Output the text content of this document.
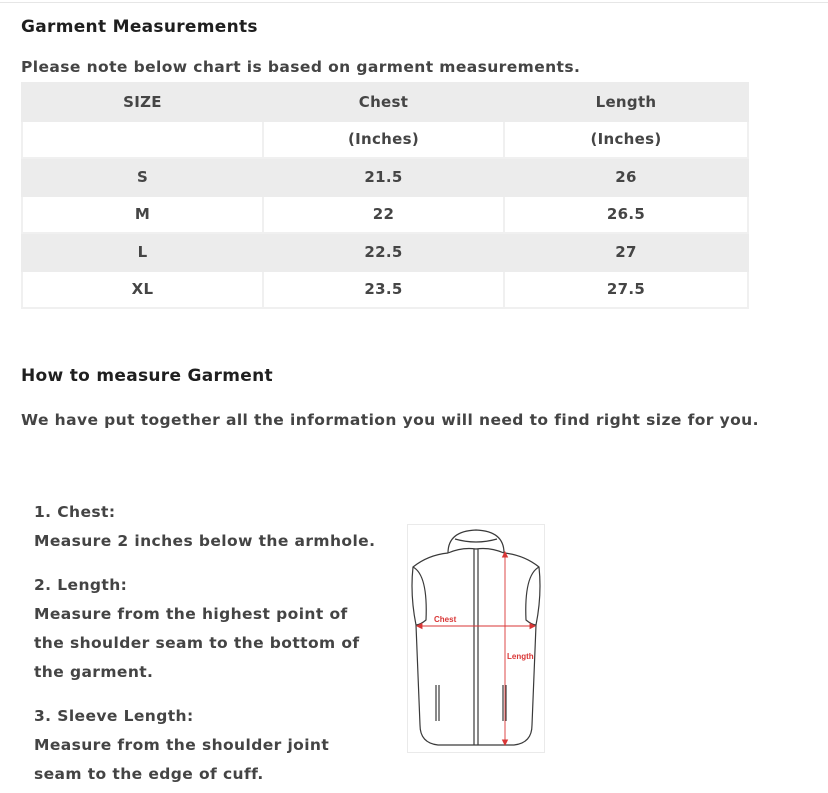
Garment Measurements

Please note below chart is based on garment measurements.

SIZE	Chest	Length
	(Inches)	(Inches)
S	21.5	26
M	22	26.5
L	22.5	27
XL	23.5	27.5
How to measure Garment

We have put together all the information you will need to find right size for you.

1. Chest:

Measure 2 inches below the armhole.

2. Length:

Measure from the highest point of

the shoulder seam to the bottom of

the garment.

3. Sleeve Length:

Measure from the shoulder joint

seam to the edge of cuff.

Chest
Length
